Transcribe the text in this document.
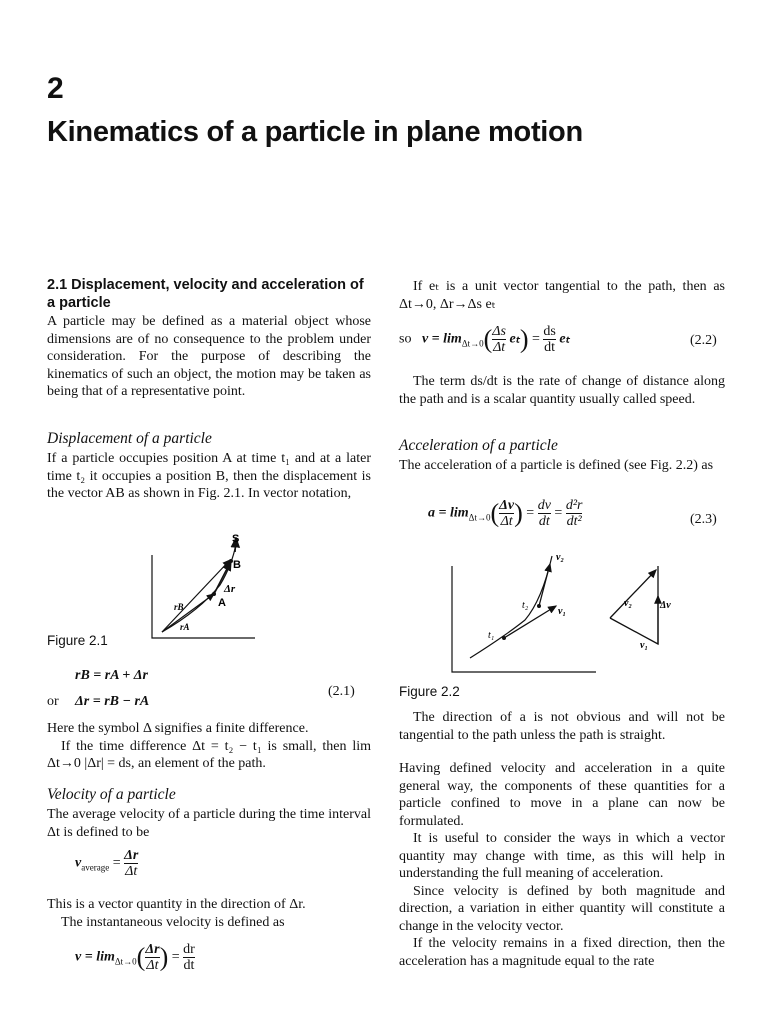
2
Kinematics of a particle in plane motion
2.1 Displacement, velocity and acceleration of a particle

A particle may be defined as a material object whose dimensions are of no consequence to the problem under consideration. For the purpose of describing the kinematics of such an object, the motion may be taken as being that of a representative point.

Displacement of a particle

If a particle occupies position A at time t₁ and at a later time t₂ it occupies a position B, then the displacement is the vector AB as shown in Fig. 2.1. In vector notation,

S
B
A
Δr
rB
rA
Figure 2.1
rB = rA + Δr
or Δr = rB − rA
(2.1)

Here the symbol Δ signifies a finite difference.

If the time difference Δt = t₂ − t₁ is small, then lim Δt→0 |Δr| = ds, an element of the path.

Velocity of a particle

The average velocity of a particle during the time interval Δt is defined to be

$v_{average} = \frac{\Delta r}{\Delta t}$

This is a vector quantity in the direction of Δr.

The instantaneous velocity is defined as

$v = \lim_{\Delta t\to 0}( \frac{\Delta r}{\Delta t}$ ) = $\frac{dr}{dt}$

If eₜ is a unit vector tangential to the path, then as Δt→0, Δr→Δs eₜ

so $v = \lim_{\Delta t\to 0}( \frac{\Delta s}{\Delta t} e_t) = \frac{ds}{dt}$ eₜ	(2.2)

The term ds/dt is the rate of change of distance along the path and is a scalar quantity usually called speed.

Acceleration of a particle

The acceleration of a particle is defined (see Fig. 2.2) as

$a = \lim_{\Delta t\to 0}( \frac{\Delta v}{\Delta t}$ ) = $\frac{dv}{dt} = \frac{\text{d²r}}{\text{dt²}}$	(2.3)
v₂
v₁
t₂
t₁
v₂	Δv
v₁
Figure 2.2

The direction of a is not obvious and will not be tangential to the path unless the path is straight.

Having defined velocity and acceleration in a quite general way, the components of these quantities for a particle confined to move in a plane can now be formulated.

It is useful to consider the ways in which a vector quantity may change with time, as this will help in understanding the full meaning of acceleration.

Since velocity is defined by both magnitude and direction, a variation in either quantity will constitute a change in the velocity vector.

If the velocity remains in a fixed direction, then the acceleration has a magnitude equal to the rate
